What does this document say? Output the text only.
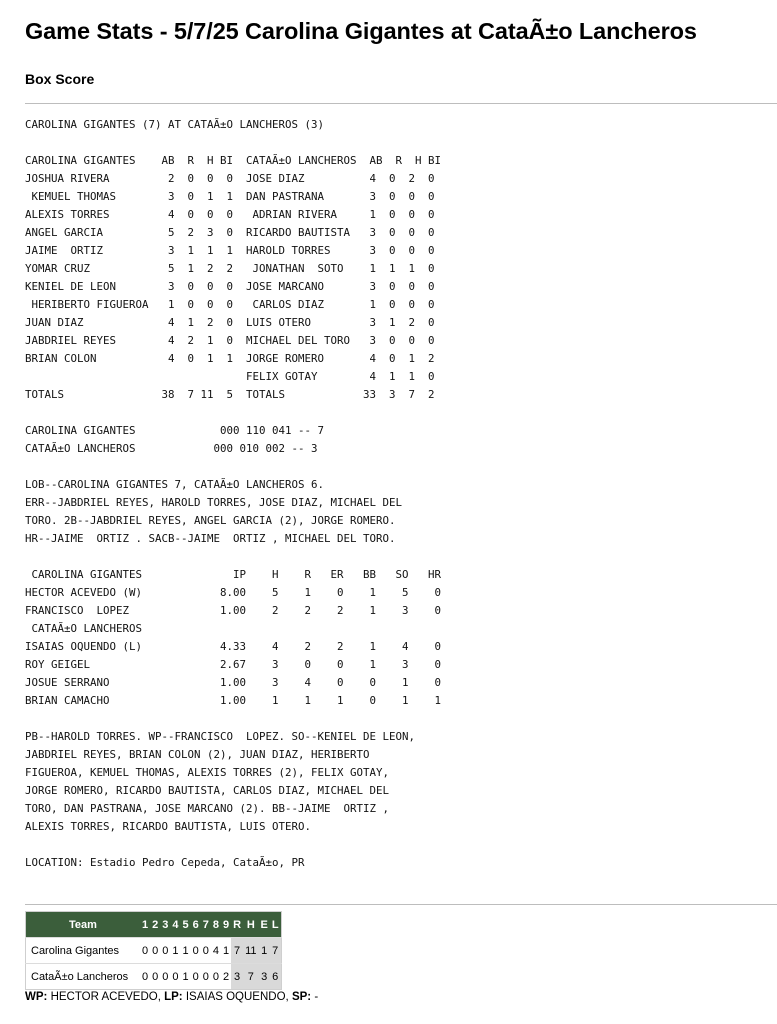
Game Stats - 5/7/25 Carolina Gigantes at CataÃ±o Lancheros
Box Score
CAROLINA GIGANTES (7) AT CATAÃ±O LANCHEROS (3)

CAROLINA GIGANTES    AB  R  H BI  CATAÃ±O LANCHEROS  AB  R  H BI
JOSHUA RIVERA         2  0  0  0  JOSE DIAZ          4  0  2  0
KEMUEL THOMAS        3  0  1  1  DAN PASTRANA       3  0  0  0
ALEXIS TORRES         4  0  0  0   ADRIAN RIVERA     1  0  0  0
ANGEL GARCIA          5  2  3  0  RICARDO BAUTISTA   3  0  0  0
JAIME  ORTIZ          3  1  1  1  HAROLD TORRES      3  0  0  0
YOMAR CRUZ            5  1  2  2   JONATHAN  SOTO    1  1  1  0
KENIEL DE LEON        3  0  0  0  JOSE MARCANO       3  0  0  0
HERIBERTO FIGUEROA   1  0  0  0   CARLOS DIAZ       1  0  0  0
JUAN DIAZ             4  1  2  0  LUIS OTERO         3  1  2  0
JABDRIEL REYES        4  2  1  0  MICHAEL DEL TORO   3  0  0  0
BRIAN COLON           4  0  1  1  JORGE ROMERO       4  0  1  2
FELIX GOTAY        4  1  1  0
TOTALS               38  7 11  5  TOTALS            33  3  7  2

CAROLINA GIGANTES             000 110 041 -- 7
CATAÃ±O LANCHEROS            000 010 002 -- 3

LOB--CAROLINA GIGANTES 7, CATAÃ±O LANCHEROS 6.
ERR--JABDRIEL REYES, HAROLD TORRES, JOSE DIAZ, MICHAEL DEL
TORO. 2B--JABDRIEL REYES, ANGEL GARCIA (2), JORGE ROMERO.
HR--JAIME  ORTIZ . SACB--JAIME  ORTIZ , MICHAEL DEL TORO.

CAROLINA GIGANTES              IP    H    R   ER   BB   SO   HR
HECTOR ACEVEDO (W)            8.00    5    1    0    1    5    0
FRANCISCO  LOPEZ              1.00    2    2    2    1    3    0
CATAÃ±O LANCHEROS
ISAIAS OQUENDO (L)            4.33    4    2    2    1    4    0
ROY GEIGEL                    2.67    3    0    0    1    3    0
JOSUE SERRANO                 1.00    3    4    0    0    1    0
BRIAN CAMACHO                 1.00    1    1    1    0    1    1

PB--HAROLD TORRES. WP--FRANCISCO  LOPEZ. SO--KENIEL DE LEON,
JABDRIEL REYES, BRIAN COLON (2), JUAN DIAZ, HERIBERTO
FIGUEROA, KEMUEL THOMAS, ALEXIS TORRES (2), FELIX GOTAY,
JORGE ROMERO, RICARDO BAUTISTA, CARLOS DIAZ, MICHAEL DEL
TORO, DAN PASTRANA, JOSE MARCANO (2). BB--JAIME  ORTIZ ,
ALEXIS TORRES, RICARDO BAUTISTA, LUIS OTERO.

LOCATION: Estadio Pedro Cepeda, CataÃ±o, PR

Team	1	2	3	4	5	6	7	8	9	R	H	E	L
Carolina Gigantes	0	0	0	1	1	0	0	4	1	7	11	1	7
CataÃ±o Lancheros	0	0	0	0	1	0	0	0	2	3	7	3	6
WP: HECTOR ACEVEDO, LP: ISAIAS OQUENDO, SP: -
